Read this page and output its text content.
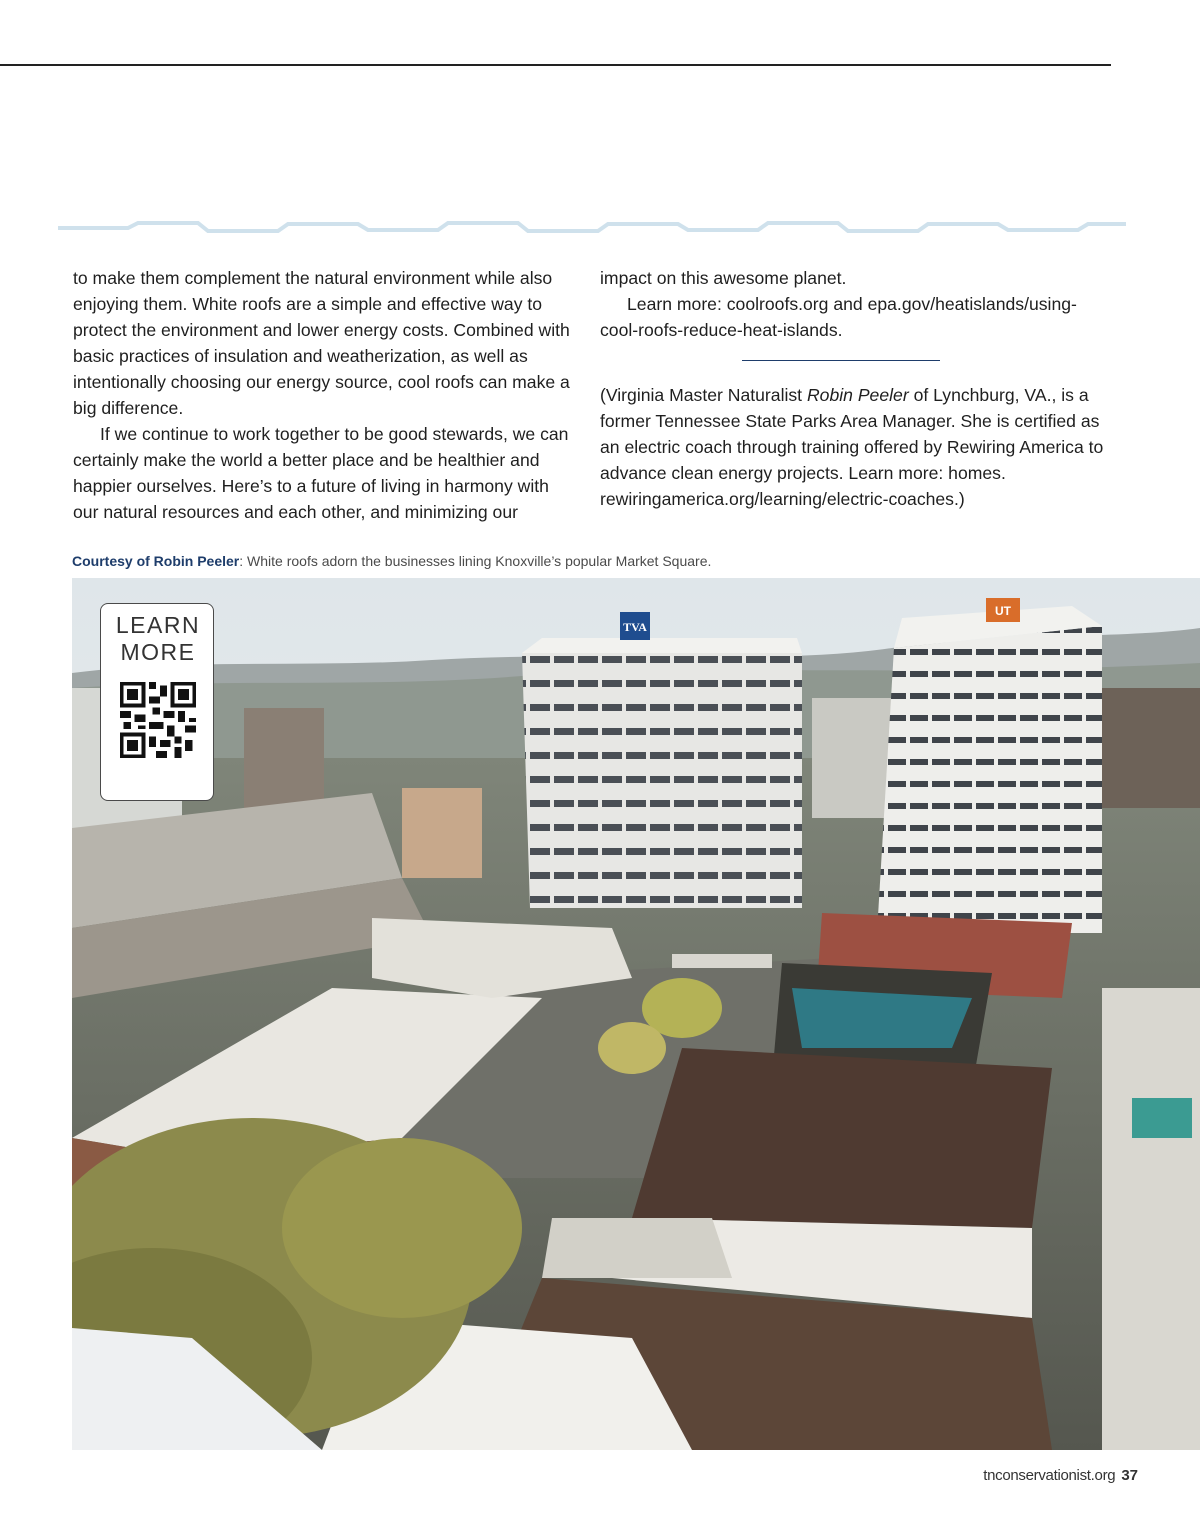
to make them complement the natural environment while also enjoying them. White roofs are a simple and effective way to protect the environment and lower energy costs. Combined with basic practices of insulation and weatherization, as well as intentionally choosing our energy source, cool roofs can make a big difference.

If we continue to work together to be good stewards, we can certainly make the world a better place and be healthier and happier ourselves. Here’s to a future of living in harmony with our natural resources and each other, and minimizing our

impact on this awesome planet.

Learn more: coolroofs.org and epa.gov/heatislands/using-cool-roofs-reduce-heat-islands.

(Virginia Master Naturalist Robin Peeler of Lynchburg, VA., is a former Tennessee State Parks Area Manager. She is certified as an electric coach through training offered by Rewiring America to advance clean energy projects. Learn more: homes. rewiringamerica.org/learning/electric-coaches.)

Courtesy of Robin Peeler: White roofs adorn the businesses lining Knoxville’s popular Market Square.
TVA
UT
LEARN
MORE
tnconservationist.org 37
